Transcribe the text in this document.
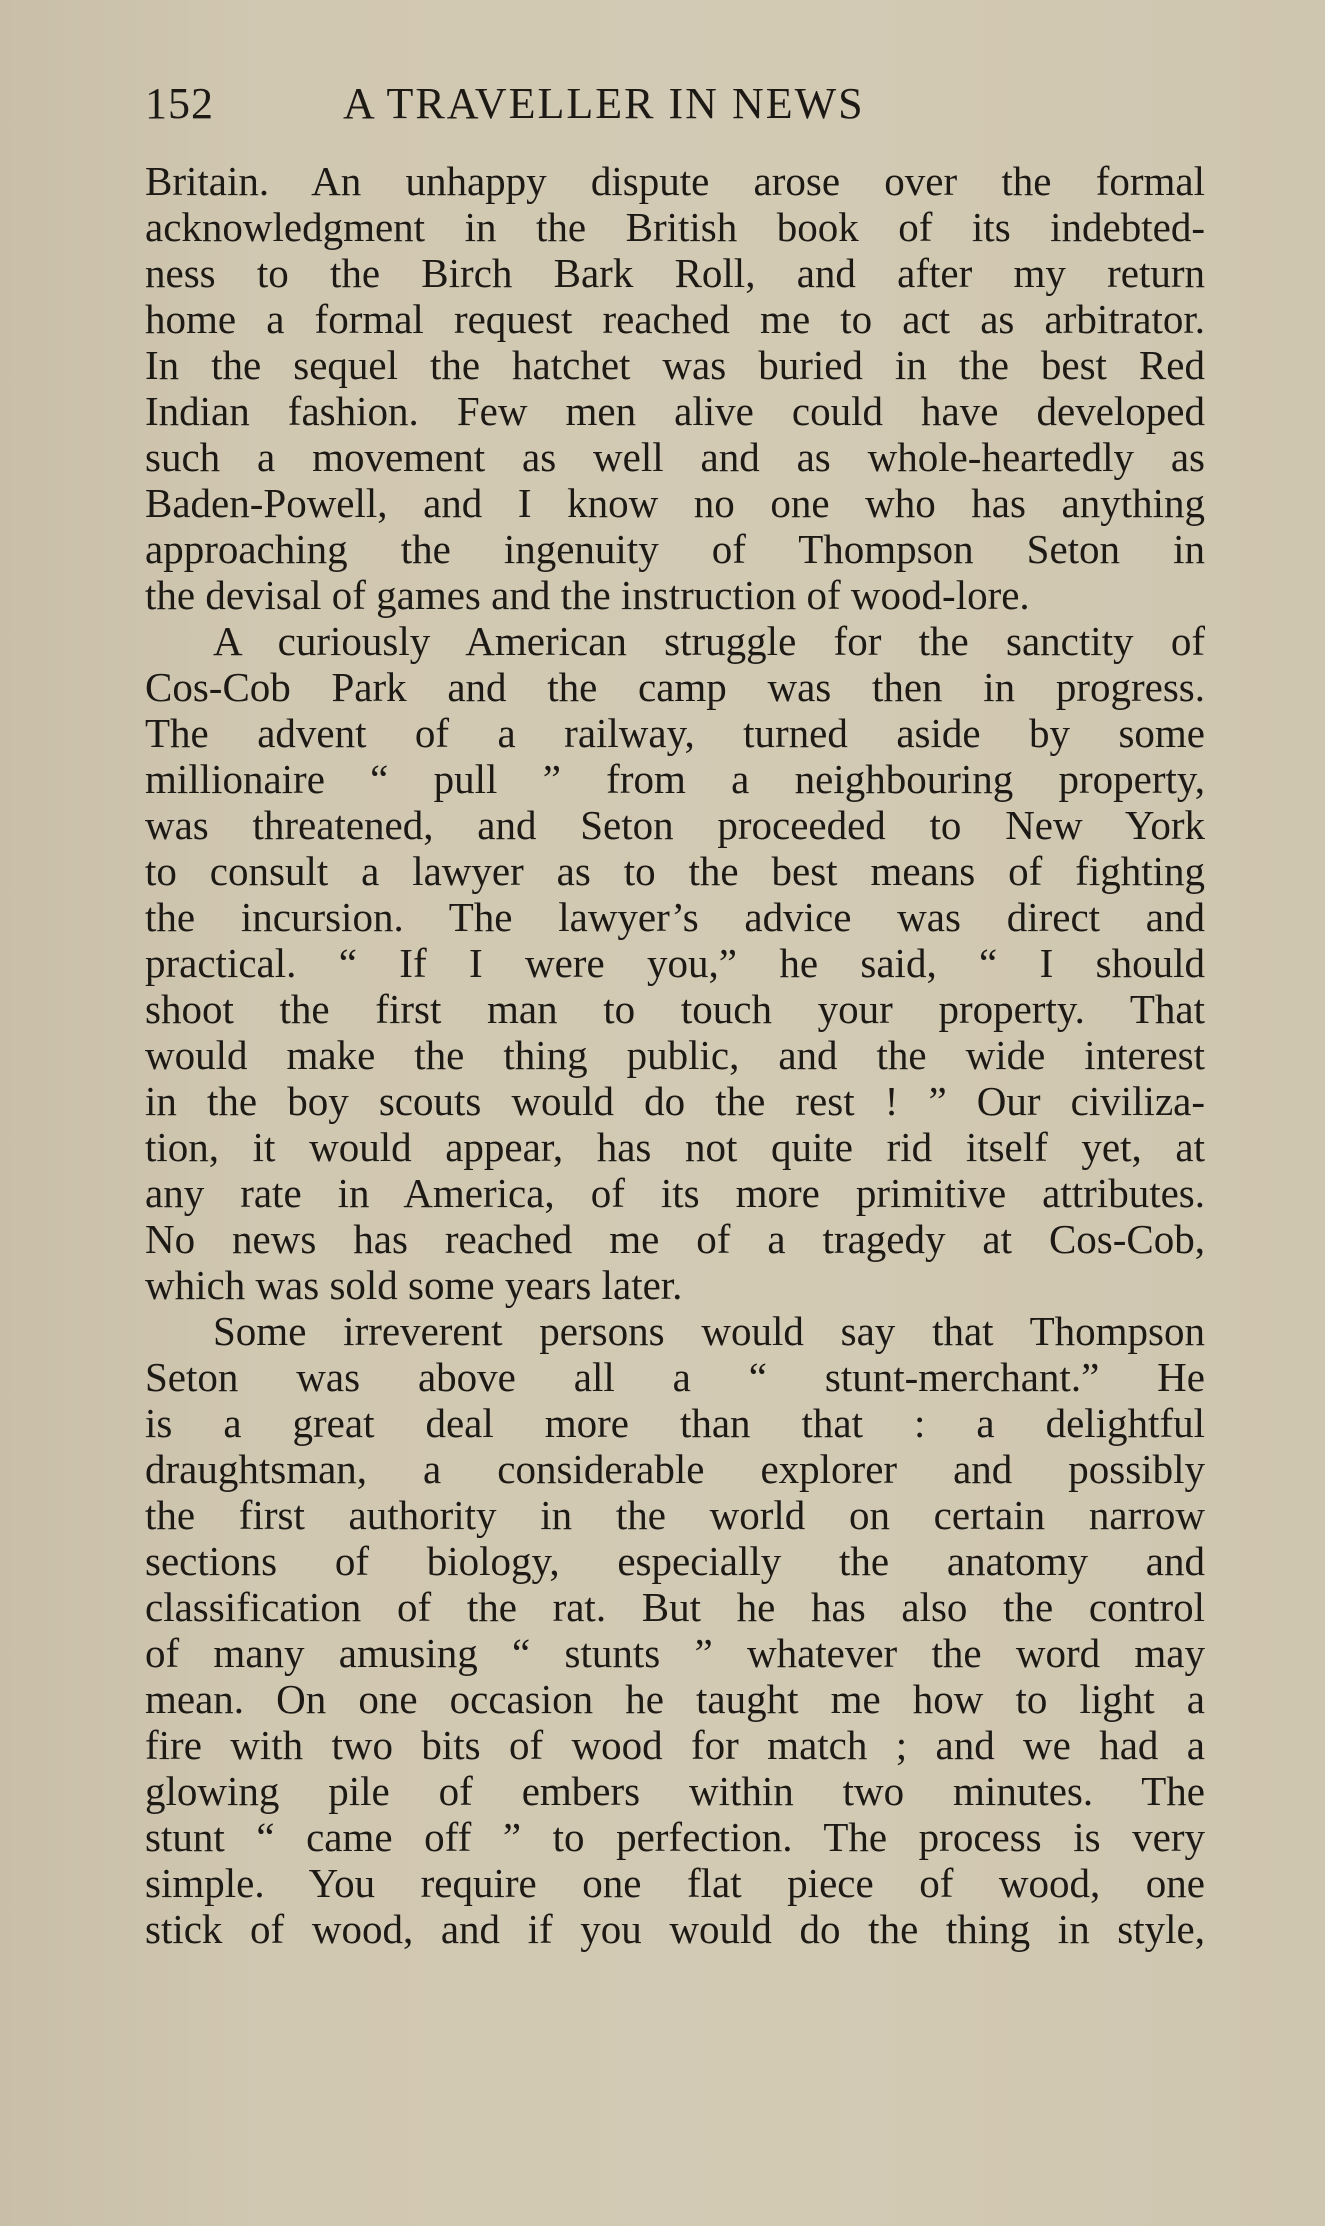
152	A TRAVELLER IN NEWS
Britain. An unhappy dispute arose over the formal
acknowledgment in the British book of its indebted-
ness to the Birch Bark Roll, and after my return
home a formal request reached me to act as arbitrator.
In the sequel the hatchet was buried in the best Red
Indian fashion. Few men alive could have developed
such a movement as well and as whole-heartedly as
Baden-Powell, and I know no one who has anything
approaching the ingenuity of Thompson Seton in
the devisal of games and the instruction of wood-lore.
A curiously American struggle for the sanctity of
Cos-Cob Park and the camp was then in progress.
The advent of a railway, turned aside by some
millionaire “ pull ” from a neighbouring property,
was threatened, and Seton proceeded to New York
to consult a lawyer as to the best means of fighting
the incursion. The lawyer’s advice was direct and
practical. “ If I were you,” he said, “ I should
shoot the first man to touch your property. That
would make the thing public, and the wide interest
in the boy scouts would do the rest ! ” Our civiliza-
tion, it would appear, has not quite rid itself yet, at
any rate in America, of its more primitive attributes.
No news has reached me of a tragedy at Cos-Cob,
which was sold some years later.
Some irreverent persons would say that Thompson
Seton was above all a “ stunt-merchant.” He
is a great deal more than that : a delightful
draughtsman, a considerable explorer and possibly
the first authority in the world on certain narrow
sections of biology, especially the anatomy and
classification of the rat. But he has also the control
of many amusing “ stunts ” whatever the word may
mean. On one occasion he taught me how to light a
fire with two bits of wood for match ; and we had a
glowing pile of embers within two minutes. The
stunt “ came off ” to perfection. The process is very
simple. You require one flat piece of wood, one
stick of wood, and if you would do the thing in style,
